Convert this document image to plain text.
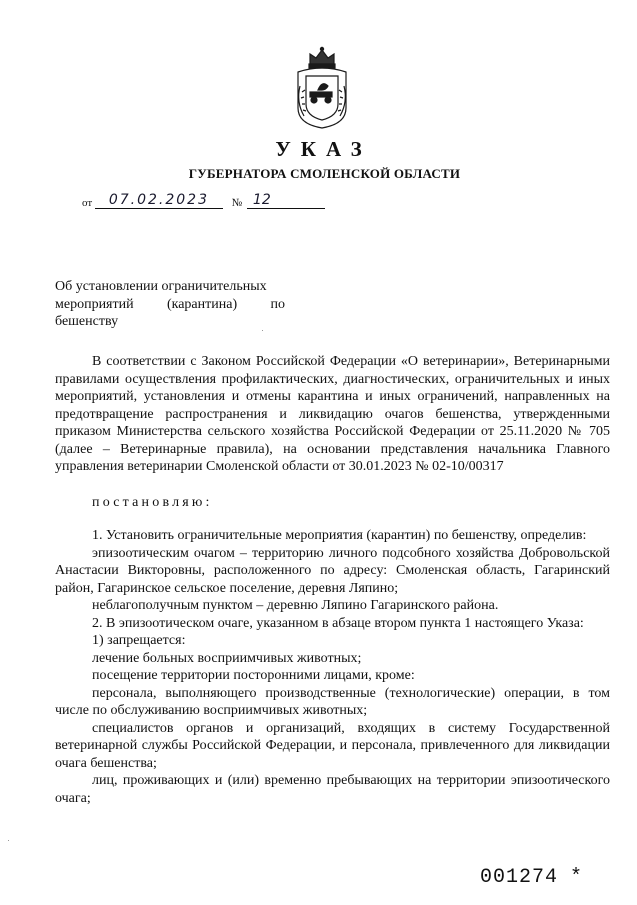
УКАЗ
ГУБЕРНАТОРА СМОЛЕНСКОЙ ОБЛАСТИ
от 07.02.2023 № 12
Об установлении ограничительных
мероприятий (карантина) по
бешенству

В соответствии с Законом Российской Федерации «О ветеринарии», Ветеринарными правилами осуществления профилактических, диагностических, ограничительных и иных мероприятий, установления и отмены карантина и иных ограничений, направленных на предотвращение распространения и ликвидацию очагов бешенства, утвержденными приказом Министерства сельского хозяйства Российской Федерации от 25.11.2020 № 705 (далее – Ветеринарные правила), на основании представления начальника Главного управления ветеринарии Смоленской области от 30.01.2023 № 02-10/00317

постановляю:

1. Установить ограничительные мероприятия (карантин) по бешенству, определив:

эпизоотическим очагом – территорию личного подсобного хозяйства Добровольской Анастасии Викторовны, расположенного по адресу: Смоленская область, Гагаринский район, Гагаринское сельское поселение, деревня Ляпино;

неблагополучным пунктом – деревню Ляпино Гагаринского района.

2. В эпизоотическом очаге, указанном в абзаце втором пункта 1 настоящего Указа:

1) запрещается:

лечение больных восприимчивых животных;

посещение территории посторонними лицами, кроме:

персонала, выполняющего производственные (технологические) операции, в том числе по обслуживанию восприимчивых животных;

специалистов органов и организаций, входящих в систему Государственной ветеринарной службы Российской Федерации, и персонала, привлеченного для ликвидации очага бешенства;

лиц, проживающих и (или) временно пребывающих на территории эпизоотического очага;

001274 *
